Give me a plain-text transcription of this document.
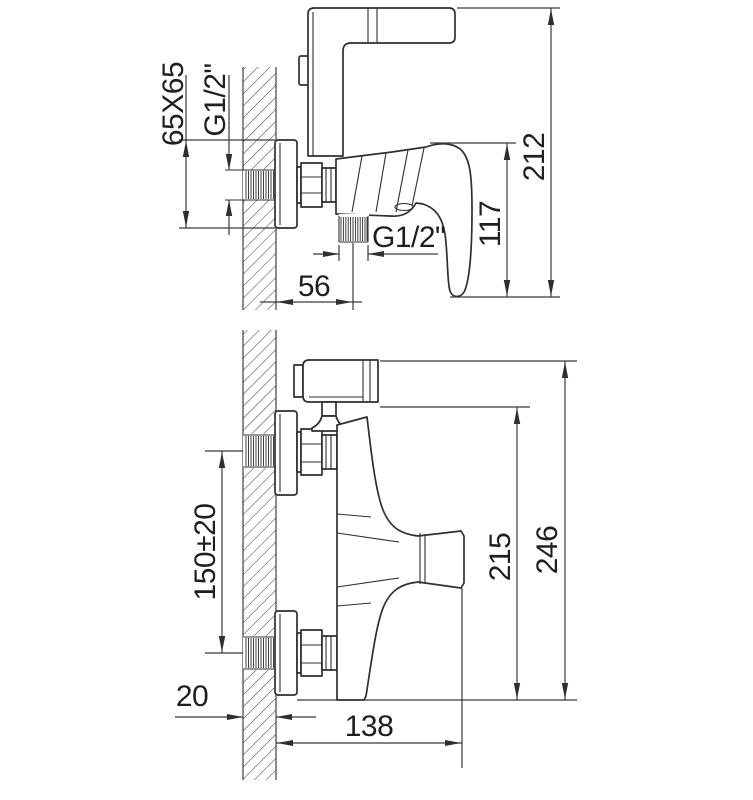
65X65 G1/2"
56
G1/2" 117
212
150±20	215 246
20
138
